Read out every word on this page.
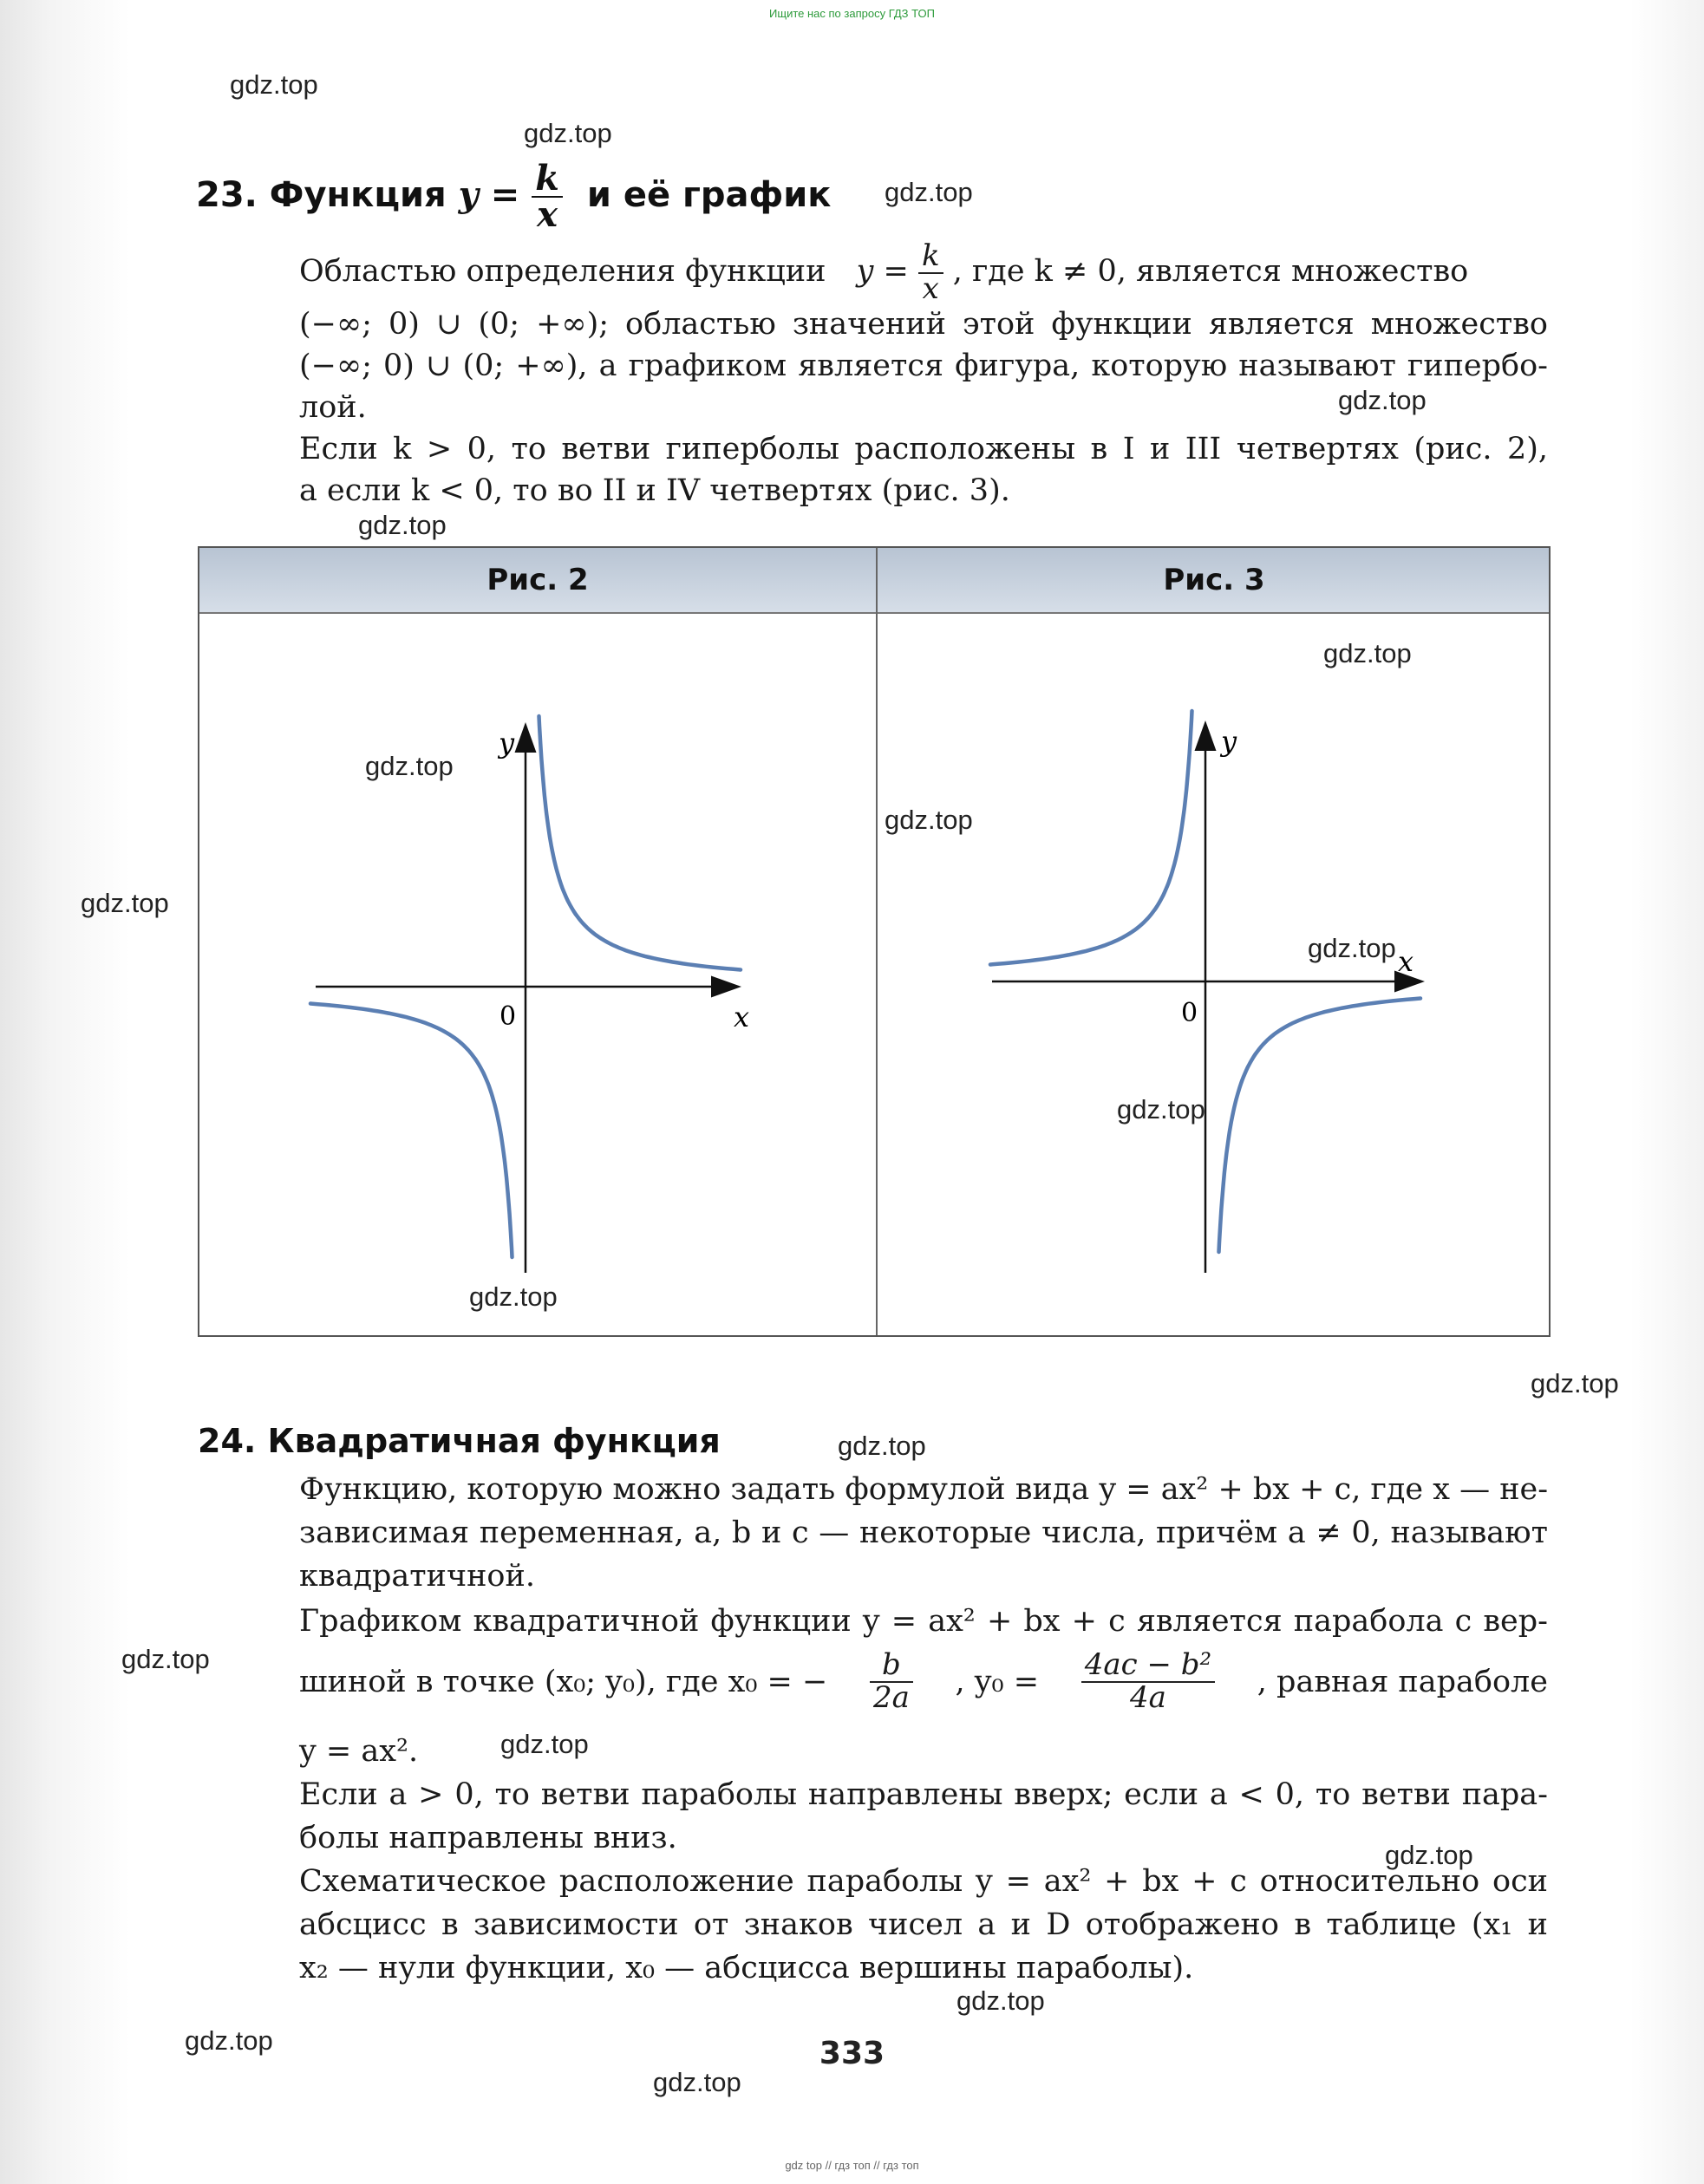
Ищите нас по запросу ГДЗ ТОП
gdz.top
gdz.top
gdz.top
gdz.top
gdz.top
gdz.top
gdz.top
gdz.top
gdz.top
gdz.top
gdz.top
gdz.top
gdz.top
gdz.top
gdz.top
gdz.top
gdz.top
gdz.top
gdz.top
gdz.top
23. Функция $y = \frac{k}{x}$ и её график
Областью определения функции $y = \frac{k}{x}$ , где k ≠ 0, является множество
(−∞; 0) ∪ (0; +∞); областью значений этой функции является множество
(−∞; 0) ∪ (0; +∞), а графиком является фигура, которую называют гипербо-
лой.
Если k > 0, то ветви гиперболы расположены в I и III четвертях (рис. 2),
а если k < 0, то во II и IV четвертях (рис. 3).
Рис. 2	Рис. 3
y
x
0
y
x
0
24. Квадратичная функция
Функцию, которую можно задать формулой вида y = ax² + bx + c, где x — не-
зависимая переменная, a, b и c — некоторые числа, причём a ≠ 0, называют
квадратичной.
Графиком квадратичной функции y = ax² + bx + c является парабола с вер-
шиной в точке (x₀; y₀), где x₀ = − $\frac{b}{2a}$ , $y_0 = \frac{\text{4ac − b²}}{4a}$ , равная параболе
y = ax².
Если a > 0, то ветви параболы направлены вверх; если a < 0, то ветви пара-
болы направлены вниз.
Схематическое расположение параболы y = ax² + bx + c относительно оси
абсцисс в зависимости от знаков чисел a и D отображено в таблице (x₁ и
x₂ — нули функции, x₀ — абсцисса вершины параболы).
333
gdz top // гдз топ // гдз топ
